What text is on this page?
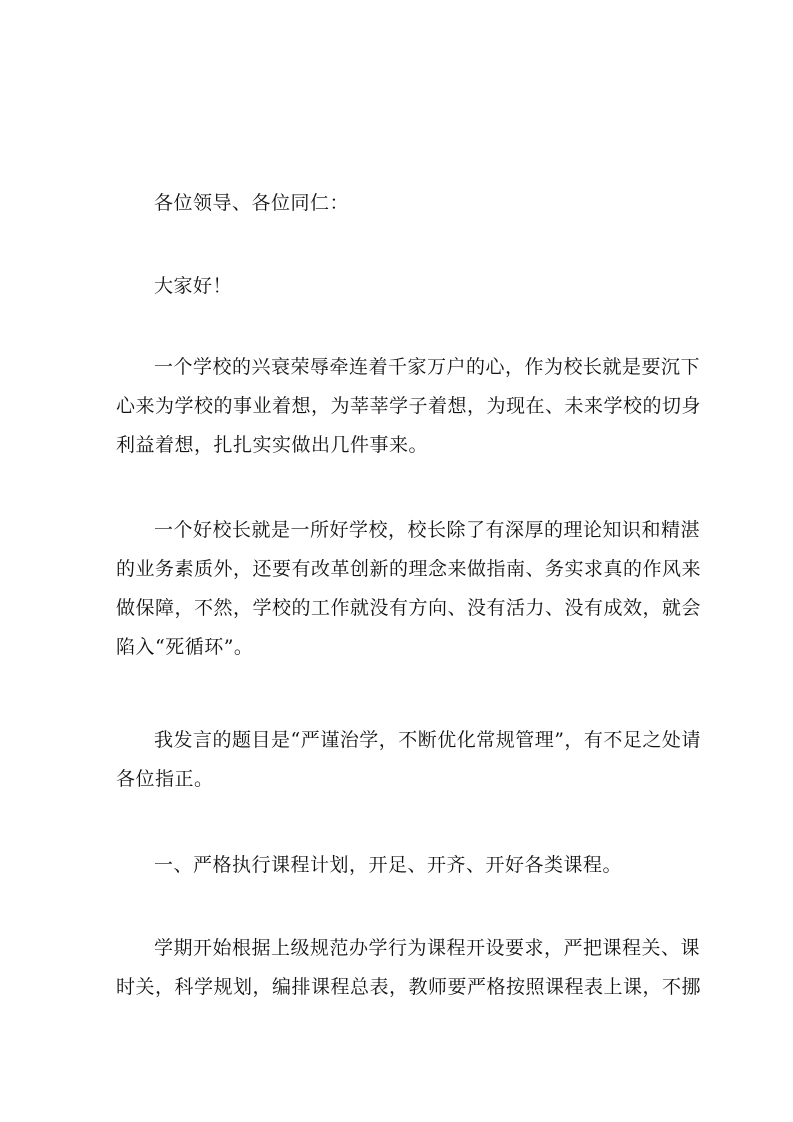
各位领导、各位同仁：

大家好！

一个学校的兴衰荣辱牵连着千家万户的心，作为校长就是要沉下
心来为学校的事业着想，为莘莘学子着想，为现在、未来学校的切身
利益着想，扎扎实实做出几件事来。

一个好校长就是一所好学校，校长除了有深厚的理论知识和精湛
的业务素质外，还要有改革创新的理念来做指南、务实求真的作风来
做保障，不然，学校的工作就没有方向、没有活力、没有成效，就会
陷入“死循环”。

我发言的题目是“严谨治学，不断优化常规管理”，有不足之处请
各位指正。

一、严格执行课程计划，开足、开齐、开好各类课程。

学期开始根据上级规范办学行为课程开设要求，严把课程关、课
时关，科学规划，编排课程总表，教师要严格按照课程表上课，不挪
